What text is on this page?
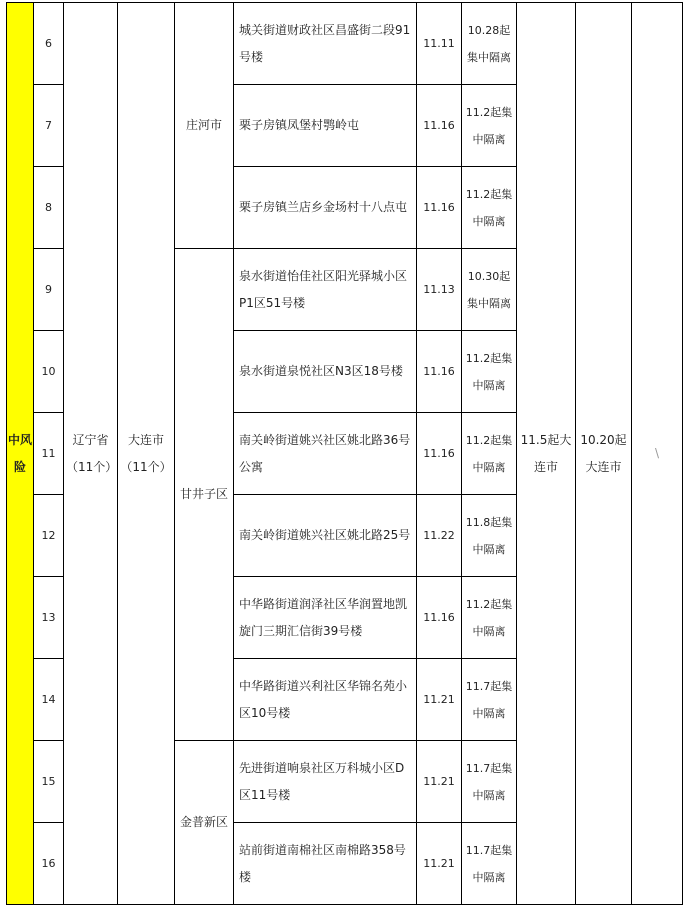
中风险	6	辽宁省（11个）	大连市（11个）	庄河市	城关街道财政社区昌盛街二段91号楼	11.11	10.28起集中隔离	11.5起大连市	10.20起大连市	\
	7				栗子房镇凤堡村鹗岭屯	11.16	11.2起集中隔离			
	8				栗子房镇兰店乡金场村十八点屯	11.16	11.2起集中隔离			
	9			甘井子区	泉水街道怡佳社区阳光驿城小区P1区51号楼	11.13	10.30起集中隔离			
	10				泉水街道泉悦社区N3区18号楼	11.16	11.2起集中隔离			
	11				南关岭街道姚兴社区姚北路36号公寓	11.16	11.2起集中隔离			
	12				南关岭街道姚兴社区姚北路25号	11.22	11.8起集中隔离			
	13				中华路街道润泽社区华润置地凯旋门三期汇信街39号楼	11.16	11.2起集中隔离			
	14				中华路街道兴利社区华锦名苑小区10号楼	11.21	11.7起集中隔离			
	15			金普新区	先进街道响泉社区万科城小区D区11号楼	11.21	11.7起集中隔离			
	16				站前街道南棉社区南棉路358号楼	11.21	11.7起集中隔离			
